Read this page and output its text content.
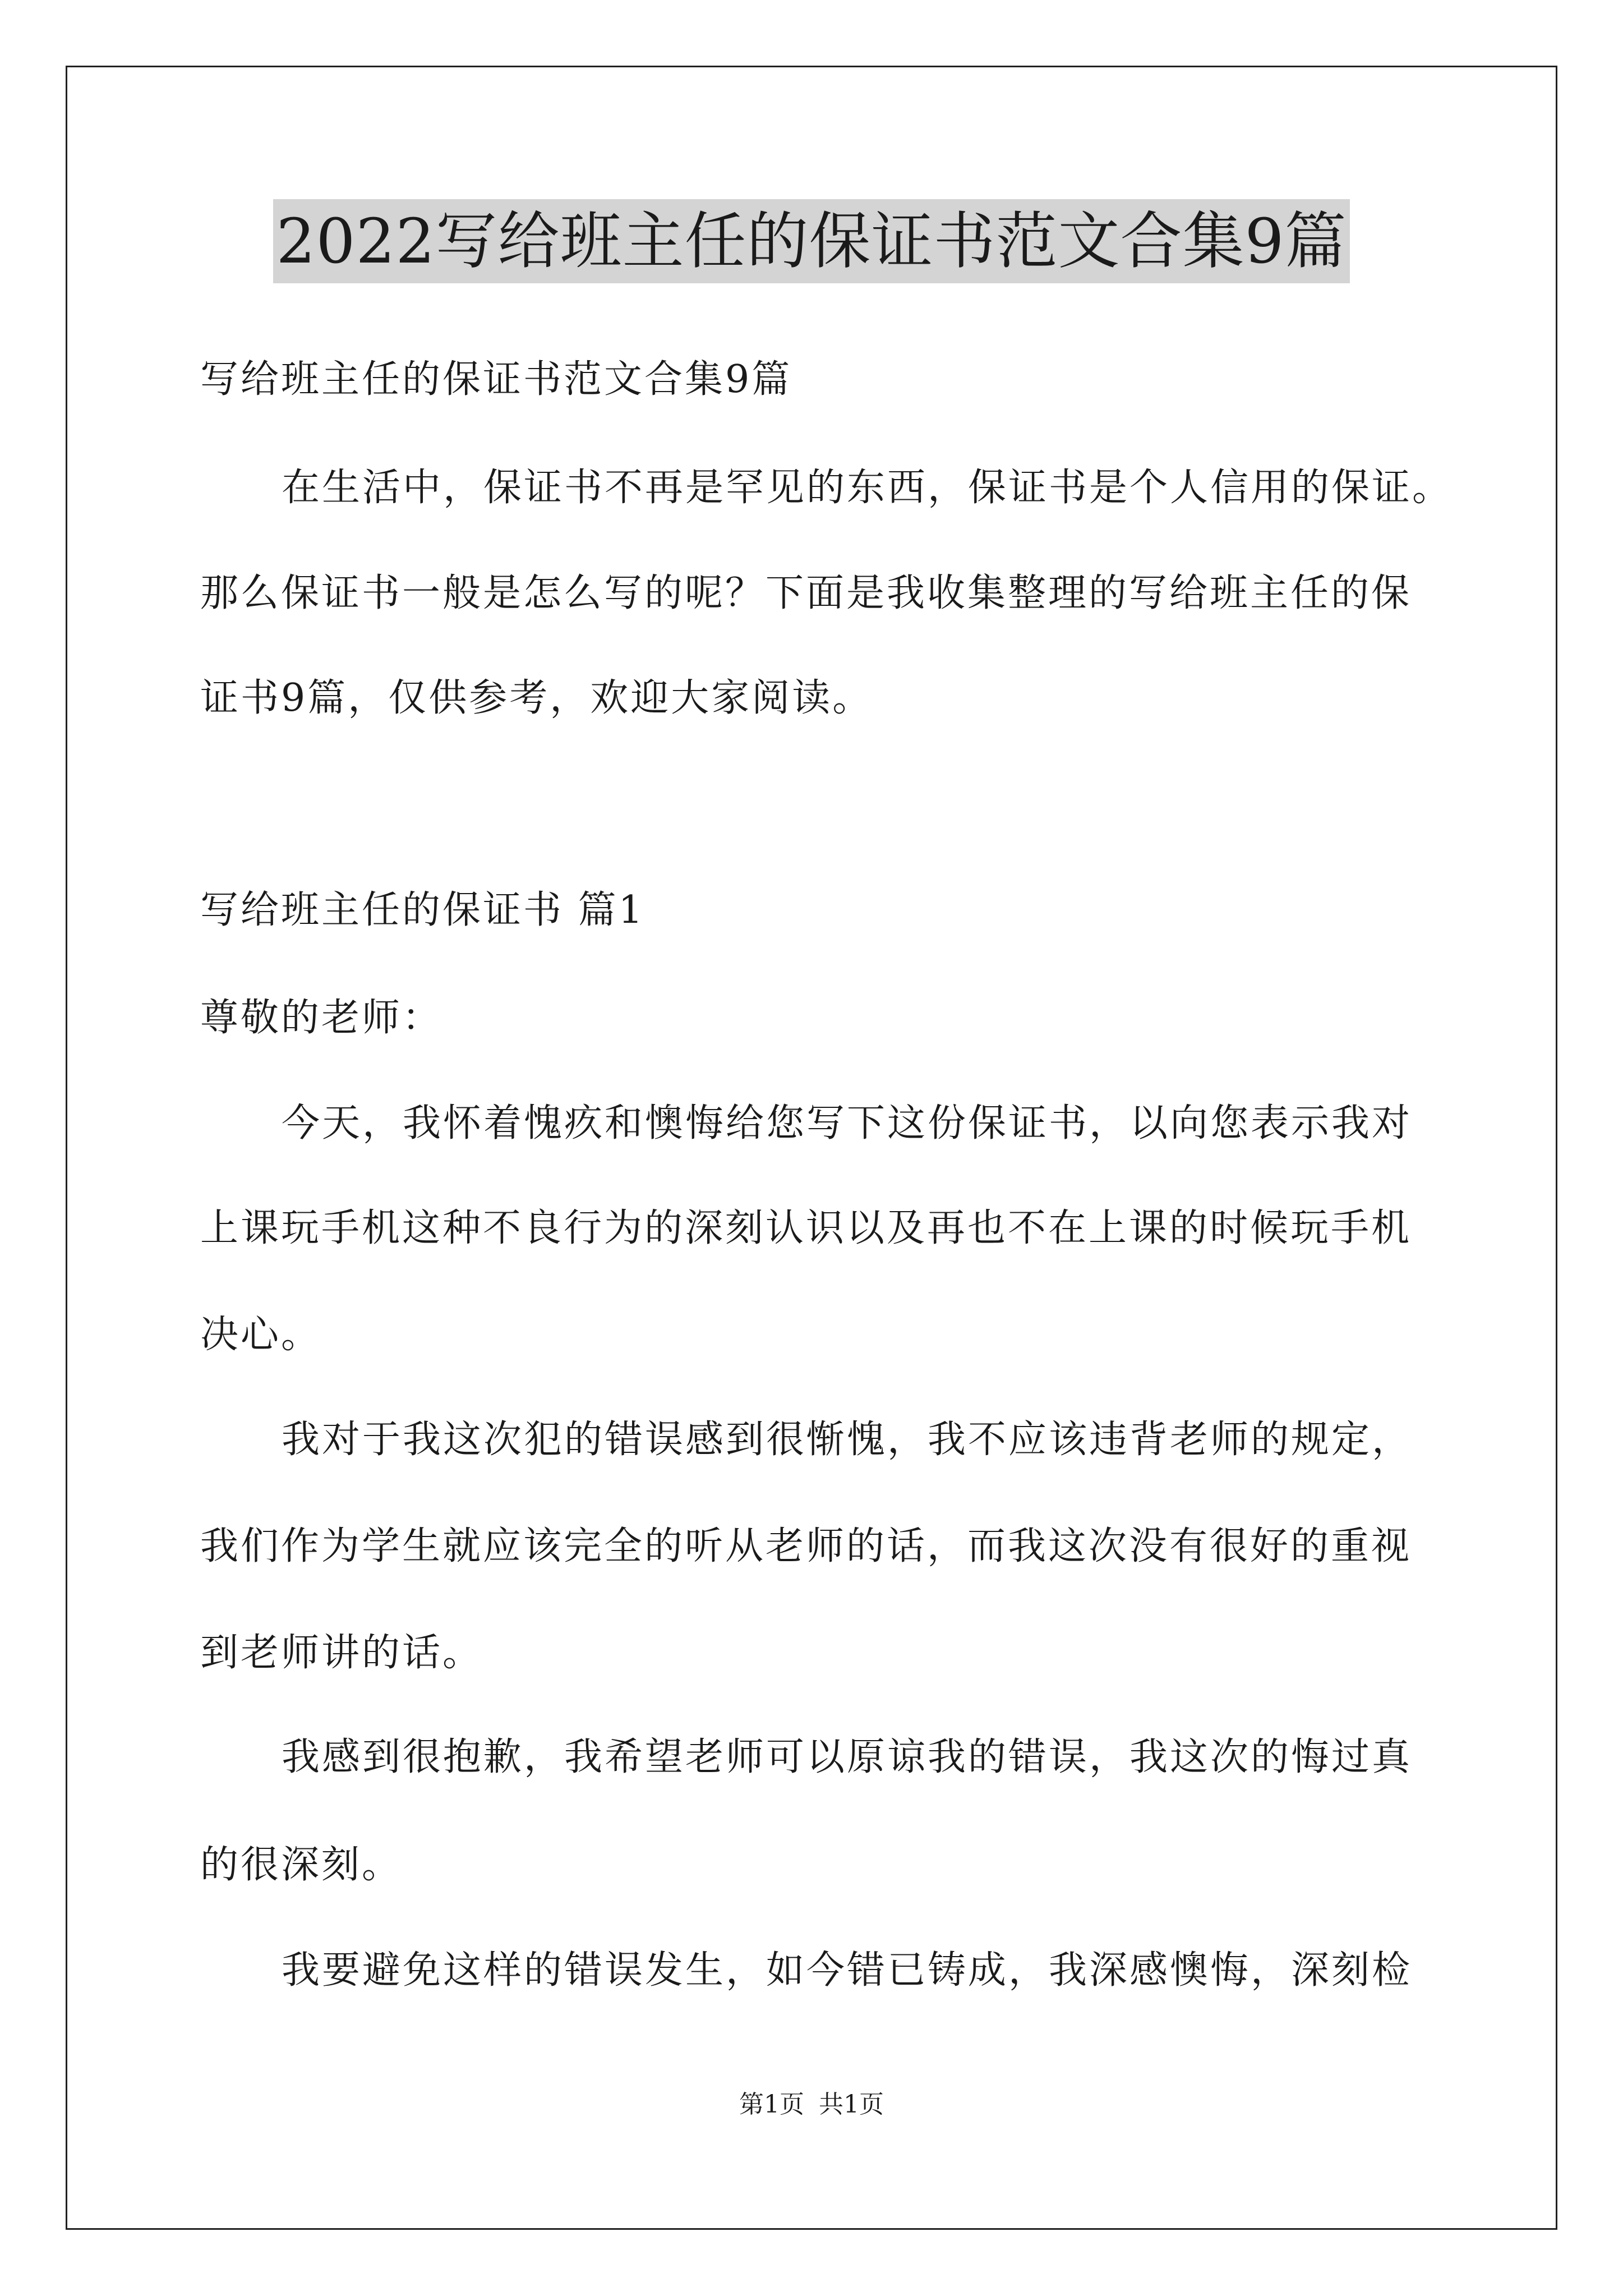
2022写给班主任的保证书范文合集9篇
写给班主任的保证书范文合集9篇
在生活中，保证书不再是罕见的东西，保证书是个人信用的保证。
那么保证书一般是怎么写的呢？下面是我收集整理的写给班主任的保
证书9篇，仅供参考，欢迎大家阅读。
写给班主任的保证书 篇1
尊敬的老师：
今天，我怀着愧疚和懊悔给您写下这份保证书，以向您表示我对
上课玩手机这种不良行为的深刻认识以及再也不在上课的时候玩手机
决心。
我对于我这次犯的错误感到很惭愧，我不应该违背老师的规定，
我们作为学生就应该完全的听从老师的话，而我这次没有很好的重视
到老师讲的话。
我感到很抱歉，我希望老师可以原谅我的错误，我这次的悔过真
的很深刻。
我要避免这样的错误发生，如今错已铸成，我深感懊悔，深刻检
第1页 共1页
